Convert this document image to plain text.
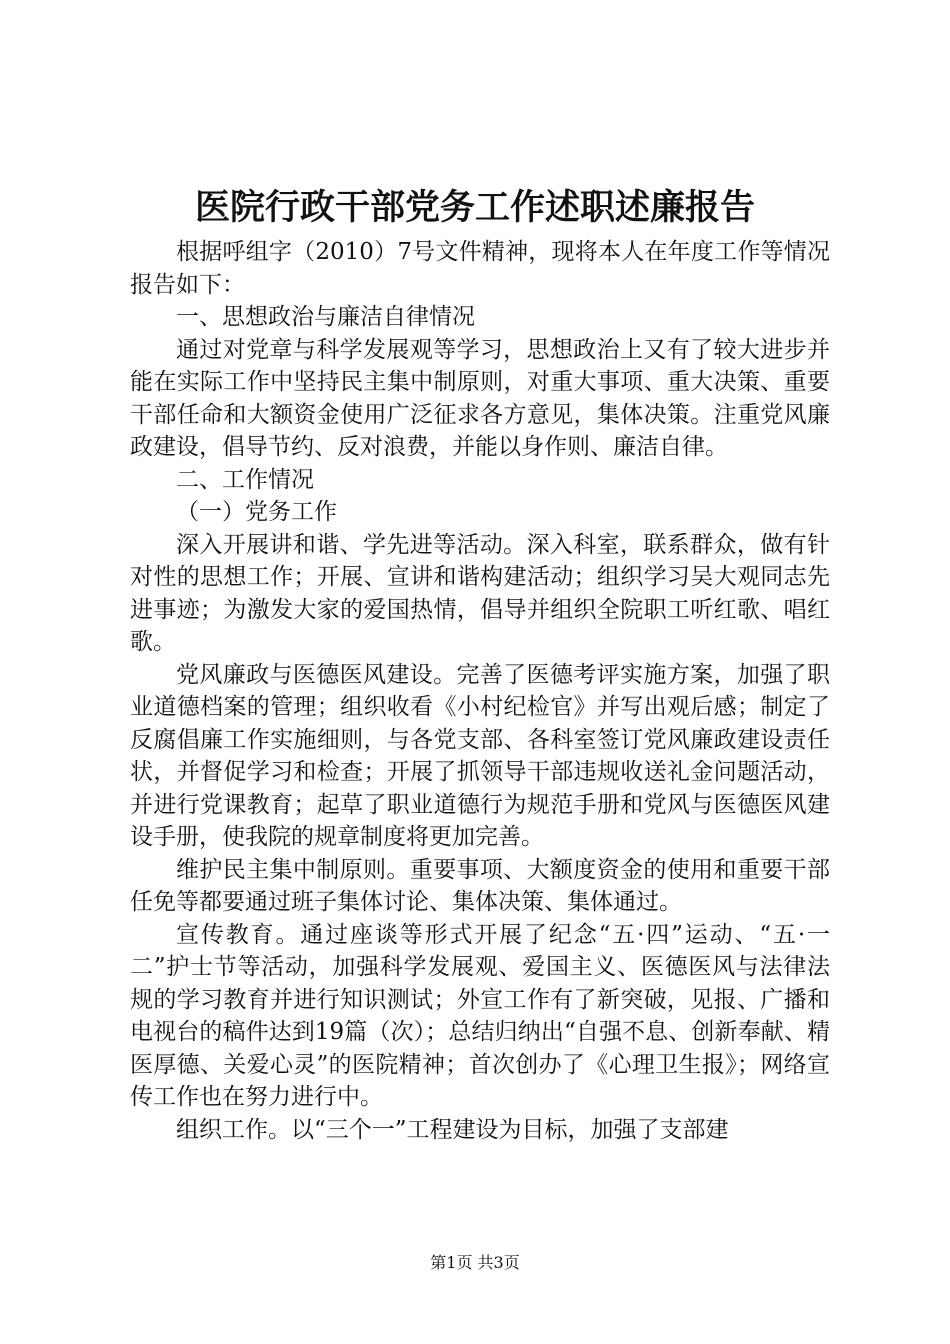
医院行政干部党务工作述职述廉报告

根据呼组字（2010）7号文件精神，现将本人在年度工作等情况报告如下：

一、思想政治与廉洁自律情况

通过对党章与科学发展观等学习，思想政治上又有了较大进步并能在实际工作中坚持民主集中制原则，对重大事项、重大决策、重要干部任命和大额资金使用广泛征求各方意见，集体决策。注重党风廉政建设，倡导节约、反对浪费，并能以身作则、廉洁自律。

二、工作情况

（一）党务工作

深入开展讲和谐、学先进等活动。深入科室，联系群众，做有针对性的思想工作；开展、宣讲和谐构建活动；组织学习吴大观同志先进事迹；为激发大家的爱国热情，倡导并组织全院职工听红歌、唱红歌。

党风廉政与医德医风建设。完善了医德考评实施方案，加强了职业道德档案的管理；组织收看《小村纪检官》并写出观后感；制定了反腐倡廉工作实施细则，与各党支部、各科室签订党风廉政建设责任状，并督促学习和检查；开展了抓领导干部违规收送礼金问题活动，并进行党课教育；起草了职业道德行为规范手册和党风与医德医风建设手册，使我院的规章制度将更加完善。

维护民主集中制原则。重要事项、大额度资金的使用和重要干部任免等都要通过班子集体讨论、集体决策、集体通过。

宣传教育。通过座谈等形式开展了纪念“五·四”运动、“五·一二”护士节等活动，加强科学发展观、爱国主义、医德医风与法律法规的学习教育并进行知识测试；外宣工作有了新突破，见报、广播和电视台的稿件达到19篇（次）；总结归纳出“自强不息、创新奉献、精医厚德、关爱心灵”的医院精神；首次创办了《心理卫生报》；网络宣传工作也在努力进行中。

组织工作。以“三个一”工程建设为目标，加强了支部建

第1页 共3页
